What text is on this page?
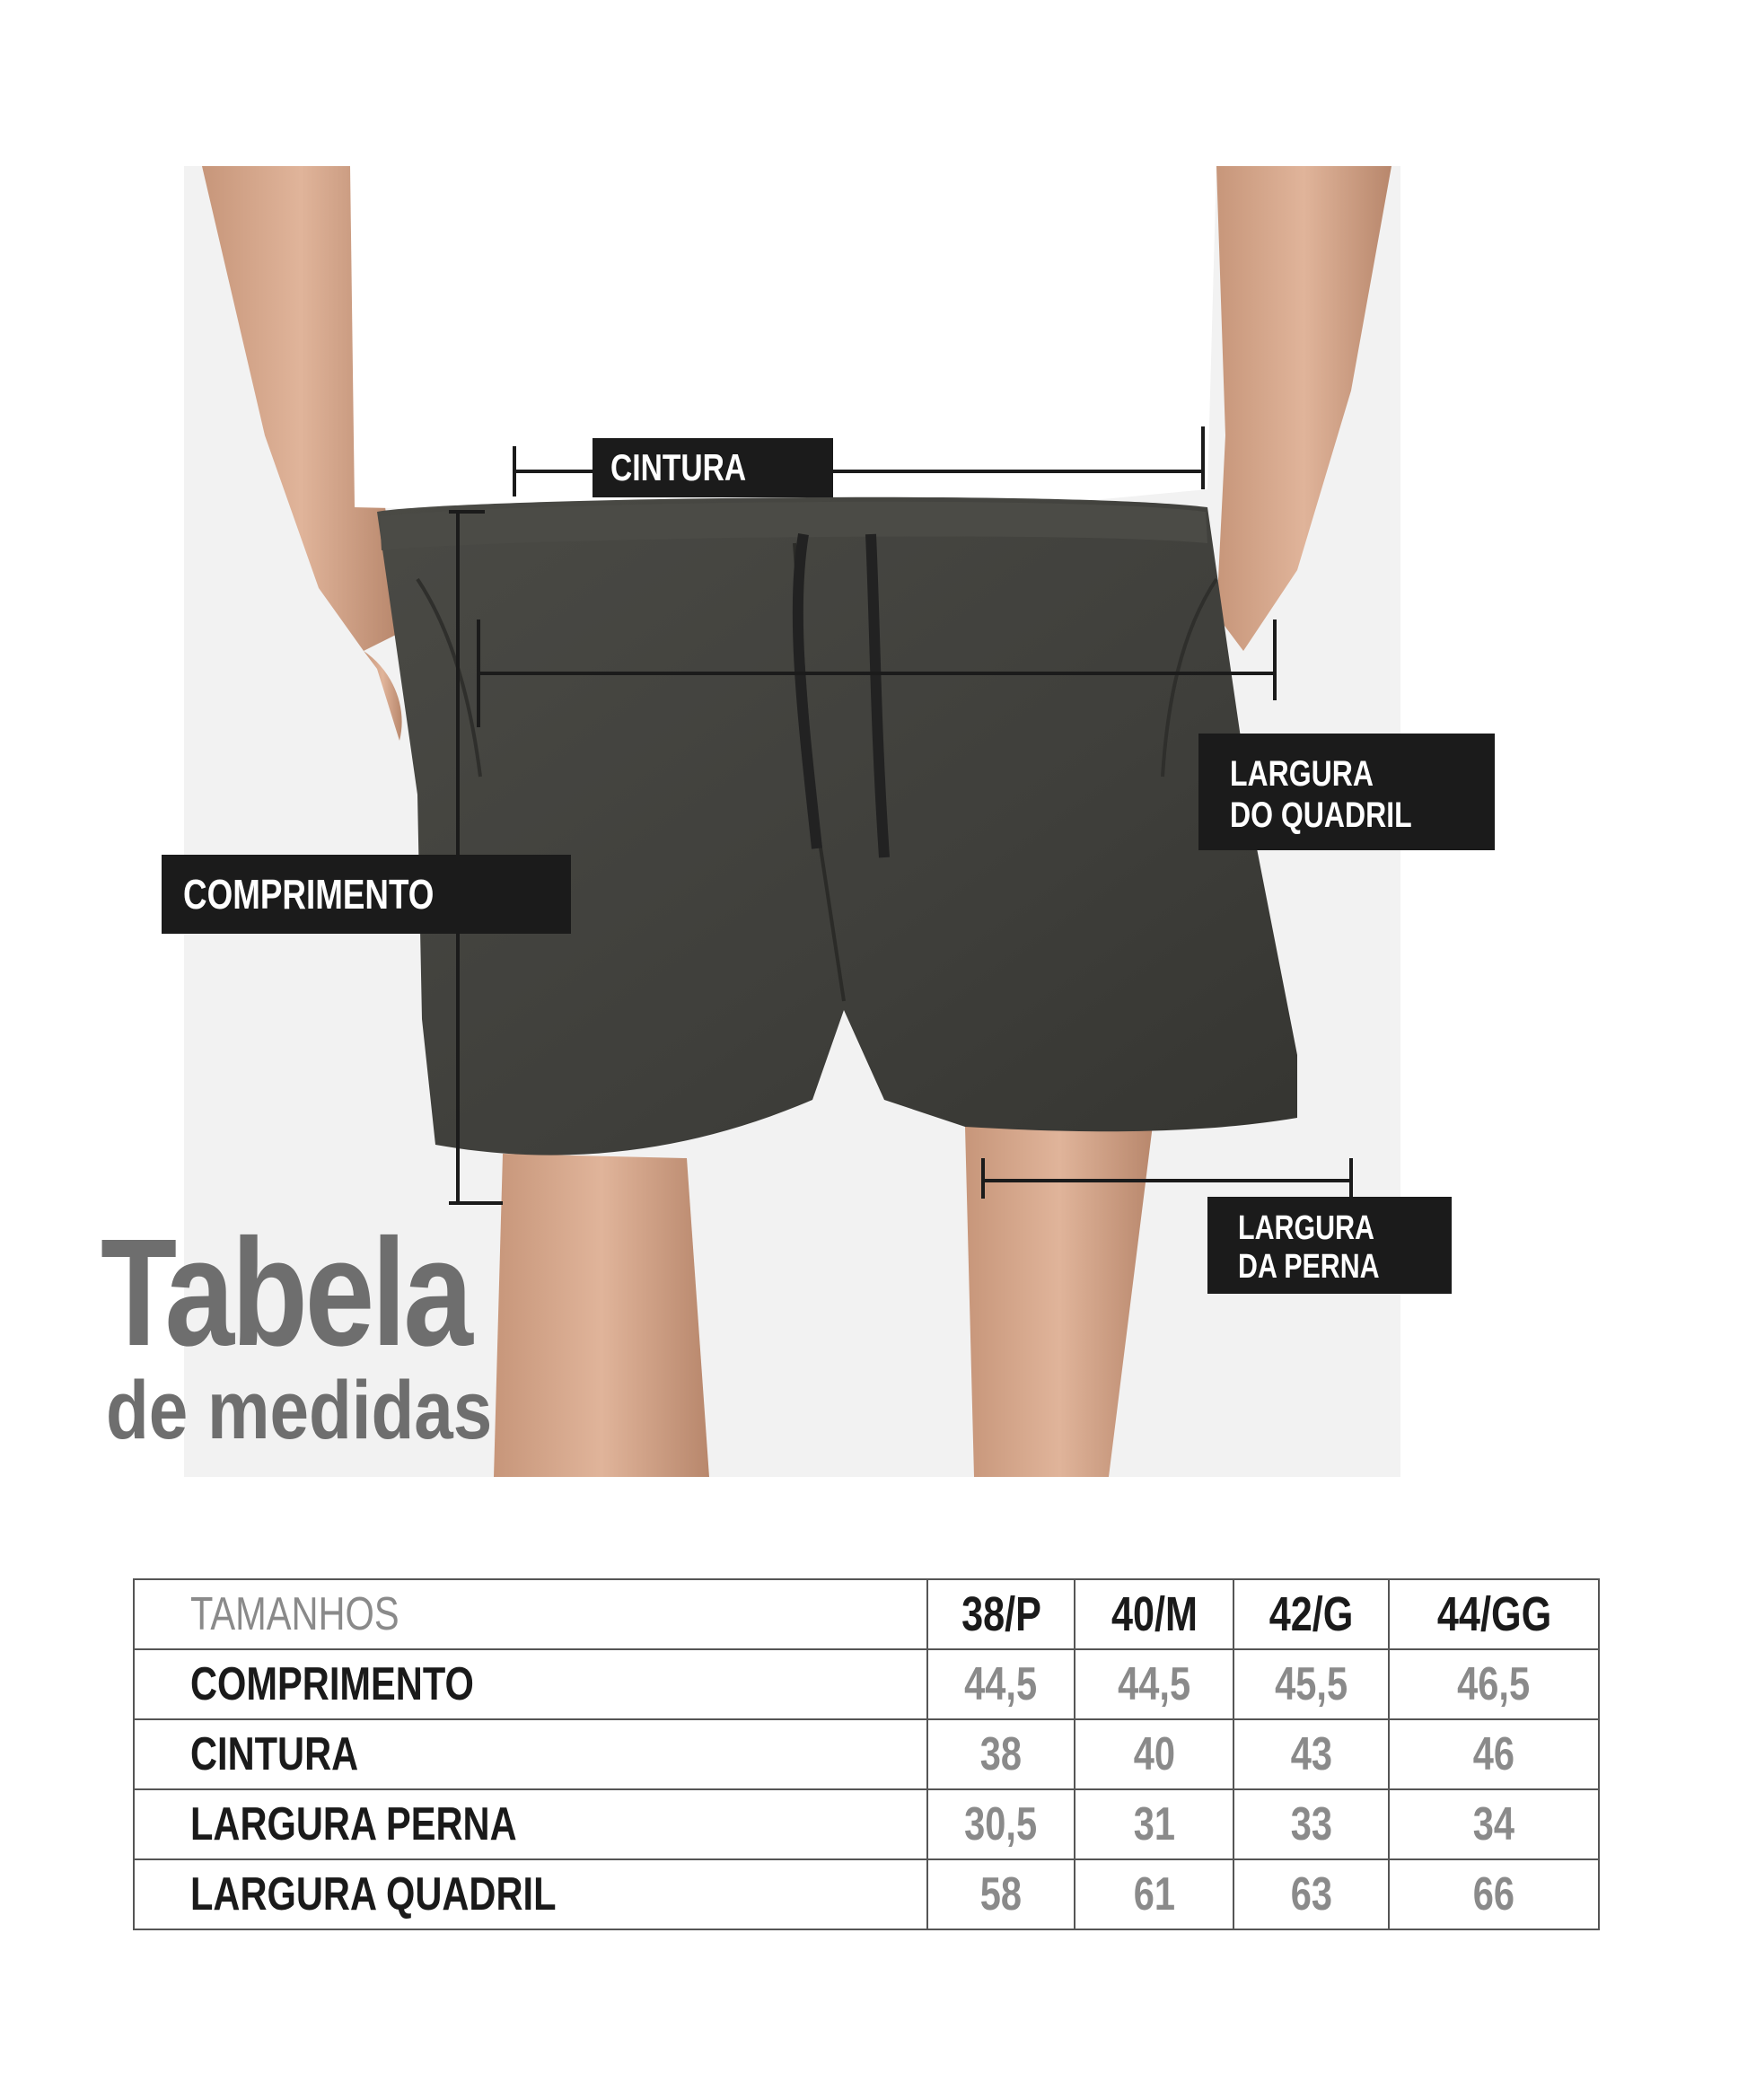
CINTURA
LARGURA
DO QUADRIL
COMPRIMENTO
LARGURA
DA PERNA
Tabela
de medidas
TAMANHOS	38/P	40/M	42/G	44/GG
COMPRIMENTO	44,5	44,5	45,5	46,5
CINTURA	38	40	43	46
LARGURA PERNA	30,5	31	33	34
LARGURA QUADRIL	58	61	63	66
